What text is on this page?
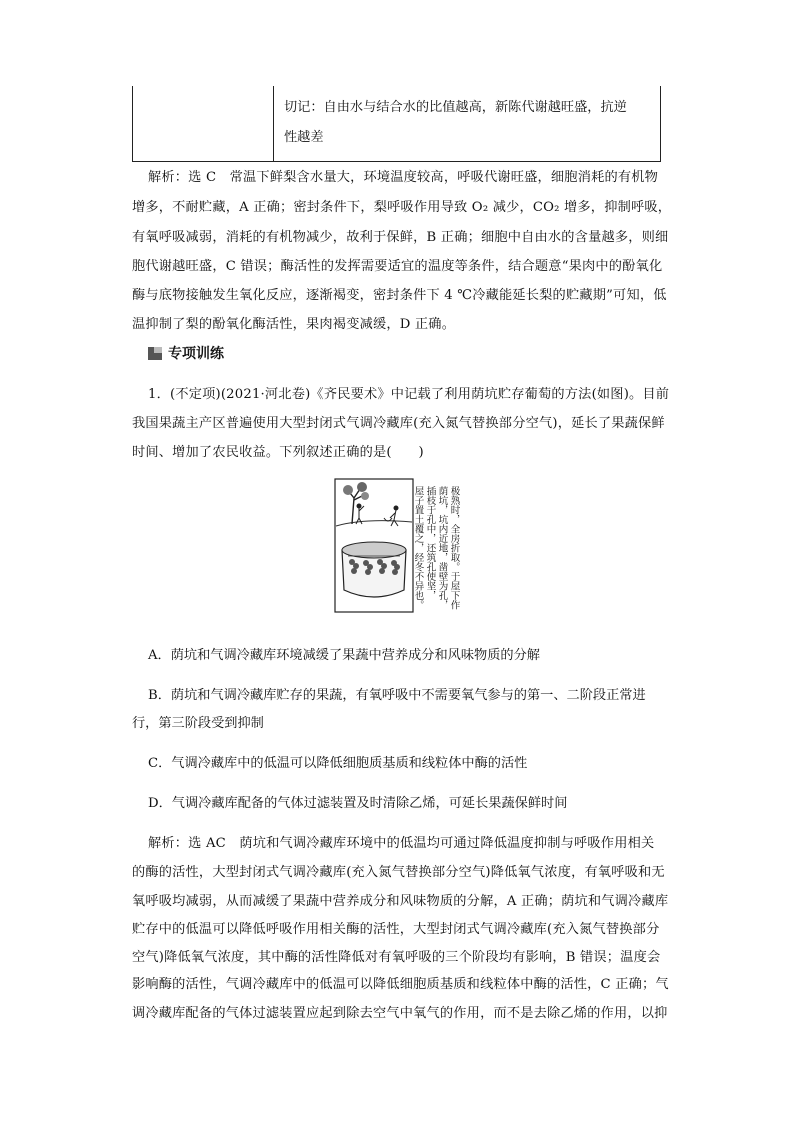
切记：自由水与结合水的比值越高，新陈代谢越旺盛，抗逆
性越差
解析：选 C　常温下鲜梨含水量大，环境温度较高，呼吸代谢旺盛，细胞消耗的有机物
增多，不耐贮藏，A 正确；密封条件下，梨呼吸作用导致 O₂ 减少，CO₂ 增多，抑制呼吸，
有氧呼吸减弱，消耗的有机物减少，故利于保鲜，B 正确；细胞中自由水的含量越多，则细
胞代谢越旺盛，C 错误；酶活性的发挥需要适宜的温度等条件，结合题意“果肉中的酚氧化
酶与底物接触发生氧化反应，逐渐褐变，密封条件下 4 ℃冷藏能延长梨的贮藏期”可知，低
温抑制了梨的酚氧化酶活性，果肉褐变减缓，D 正确。
专项训练
1．(不定项)(2021·河北卷)《齐民要术》中记载了利用荫坑贮存葡萄的方法(如图)。目前
我国果蔬主产区普遍使用大型封闭式气调冷藏库(充入氮气替换部分空气)，延长了果蔬保鲜
时间、增加了农民收益。下列叙述正确的是(　　)
极熟时，全房折取。于屋下作
荫坑，坑内近地，凿壁为孔，
插枝于孔中，还筑孔使坚，
屋子置土覆之，经冬不异也。
A．荫坑和气调冷藏库环境减缓了果蔬中营养成分和风味物质的分解
B．荫坑和气调冷藏库贮存的果蔬，有氧呼吸中不需要氧气参与的第一、二阶段正常进
行，第三阶段受到抑制
C．气调冷藏库中的低温可以降低细胞质基质和线粒体中酶的活性
D．气调冷藏库配备的气体过滤装置及时清除乙烯，可延长果蔬保鲜时间
解析：选 AC　荫坑和气调冷藏库环境中的低温均可通过降低温度抑制与呼吸作用相关
的酶的活性，大型封闭式气调冷藏库(充入氮气替换部分空气)降低氧气浓度，有氧呼吸和无
氧呼吸均减弱，从而减缓了果蔬中营养成分和风味物质的分解，A 正确；荫坑和气调冷藏库
贮存中的低温可以降低呼吸作用相关酶的活性，大型封闭式气调冷藏库(充入氮气替换部分
空气)降低氧气浓度，其中酶的活性降低对有氧呼吸的三个阶段均有影响，B 错误；温度会
影响酶的活性，气调冷藏库中的低温可以降低细胞质基质和线粒体中酶的活性，C 正确；气
调冷藏库配备的气体过滤装置应起到除去空气中氧气的作用，而不是去除乙烯的作用，以抑
